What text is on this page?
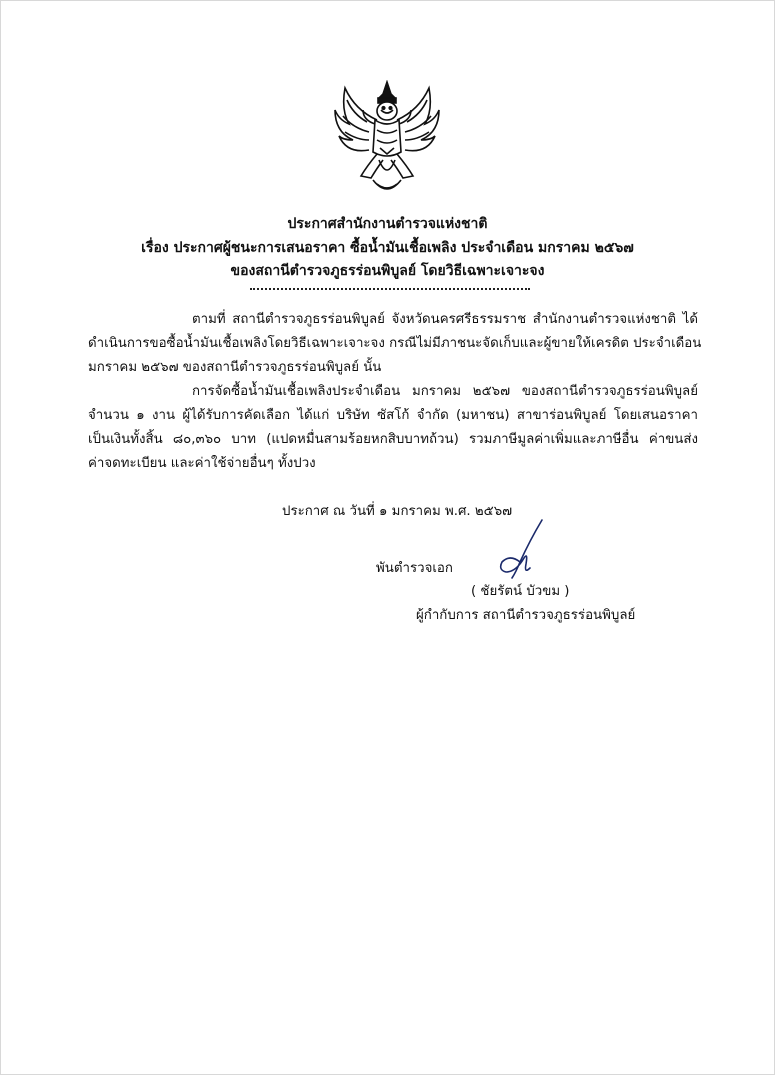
ประกาศสำนักงานตำรวจแห่งชาติ
เรื่อง ประกาศผู้ชนะการเสนอราคา ซื้อน้ำมันเชื้อเพลิง ประจำเดือน มกราคม ๒๕๖๗
ของสถานีตำรวจภูธรร่อนพิบูลย์ โดยวิธีเฉพาะเจาะจง
ตามที่ สถานีตำรวจภูธรร่อนพิบูลย์ จังหวัดนครศรีธรรมราช สำนักงานตำรวจแห่งชาติ ได้
ดำเนินการขอซื้อน้ำมันเชื้อเพลิงโดยวิธีเฉพาะเจาะจง กรณีไม่มีภาชนะจัดเก็บและผู้ขายให้เครดิต ประจำเดือน
มกราคม ๒๕๖๗ ของสถานีตำรวจภูธรร่อนพิบูลย์ นั้น
การจัดซื้อน้ำมันเชื้อเพลิงประจำเดือน มกราคม ๒๕๖๗ ของสถานีตำรวจภูธรร่อนพิบูลย์
จำนวน ๑ งาน ผู้ได้รับการคัดเลือก ได้แก่ บริษัท ซัสโก้ จำกัด (มหาชน) สาขาร่อนพิบูลย์ โดยเสนอราคา
เป็นเงินทั้งสิ้น ๘๐,๓๖๐ บาท (แปดหมื่นสามร้อยหกสิบบาทถ้วน) รวมภาษีมูลค่าเพิ่มและภาษีอื่น ค่าขนส่ง
ค่าจดทะเบียน และค่าใช้จ่ายอื่นๆ ทั้งปวง
ประกาศ ณ วันที่ ๑ มกราคม พ.ศ. ๒๕๖๗
พันตำรวจเอก
( ชัยรัตน์ บัวขม )
ผู้กำกับการ สถานีตำรวจภูธรร่อนพิบูลย์
